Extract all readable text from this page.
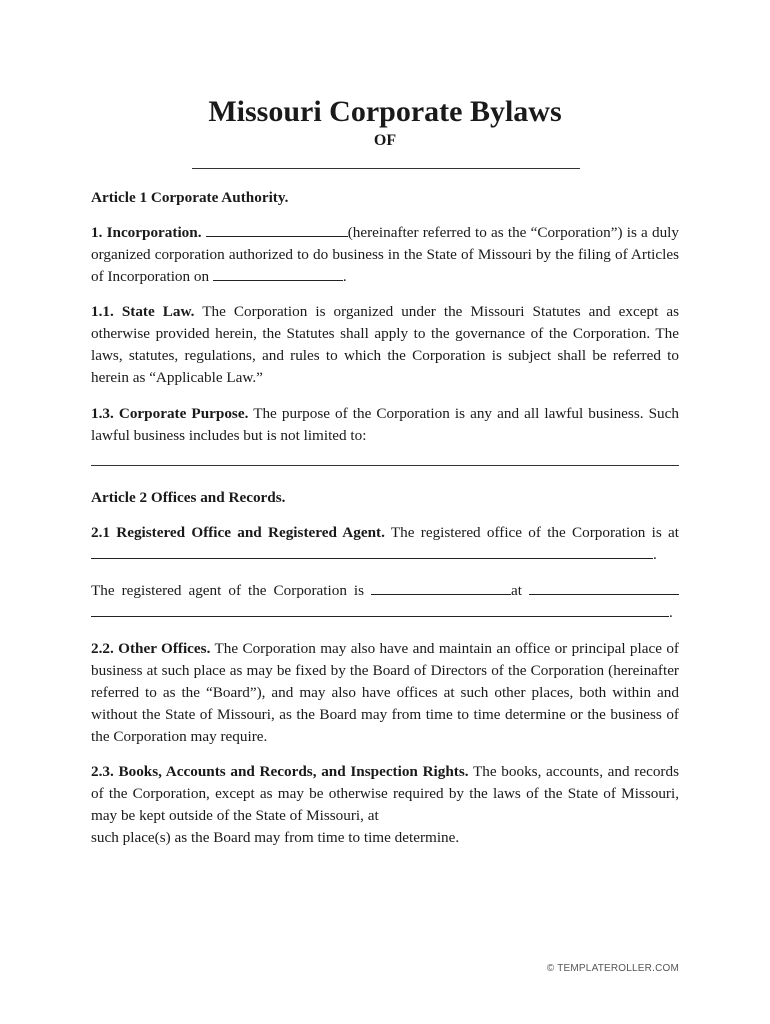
Missouri Corporate Bylaws
OF
Article 1 Corporate Authority.
1. Incorporation.	(hereinafter referred to as the “Corporation”) is a duly organized corporation authorized to do business in the State of Missouri by the filing of Articles of Incorporation on	.
1.1. State Law. The Corporation is organized under the Missouri Statutes and except as otherwise provided herein, the Statutes shall apply to the governance of the Corporation. The laws, statutes, regulations, and rules to which the Corporation is subject shall be referred to herein as “Applicable Law.”
1.3. Corporate Purpose. The purpose of the Corporation is any and all lawful business. Such lawful business includes but is not limited to:
Article 2 Offices and Records.
2.1 Registered Office and Registered Agent. The registered office of the Corporation is at .
The registered agent of the Corporation is	at  .
2.2. Other Offices. The Corporation may also have and maintain an office or principal place of business at such place as may be fixed by the Board of Directors of the Corporation (hereinafter referred to as the “Board”), and may also have offices at such other places, both within and without the State of Missouri, as the Board may from time to time determine or the business of the Corporation may require.
2.3. Books, Accounts and Records, and Inspection Rights. The books, accounts, and records of the Corporation, except as may be otherwise required by the laws of the State of Missouri, may be kept outside of the State of Missouri, at
such place(s) as the Board may from time to time determine.
© TEMPLATEROLLER.COM
